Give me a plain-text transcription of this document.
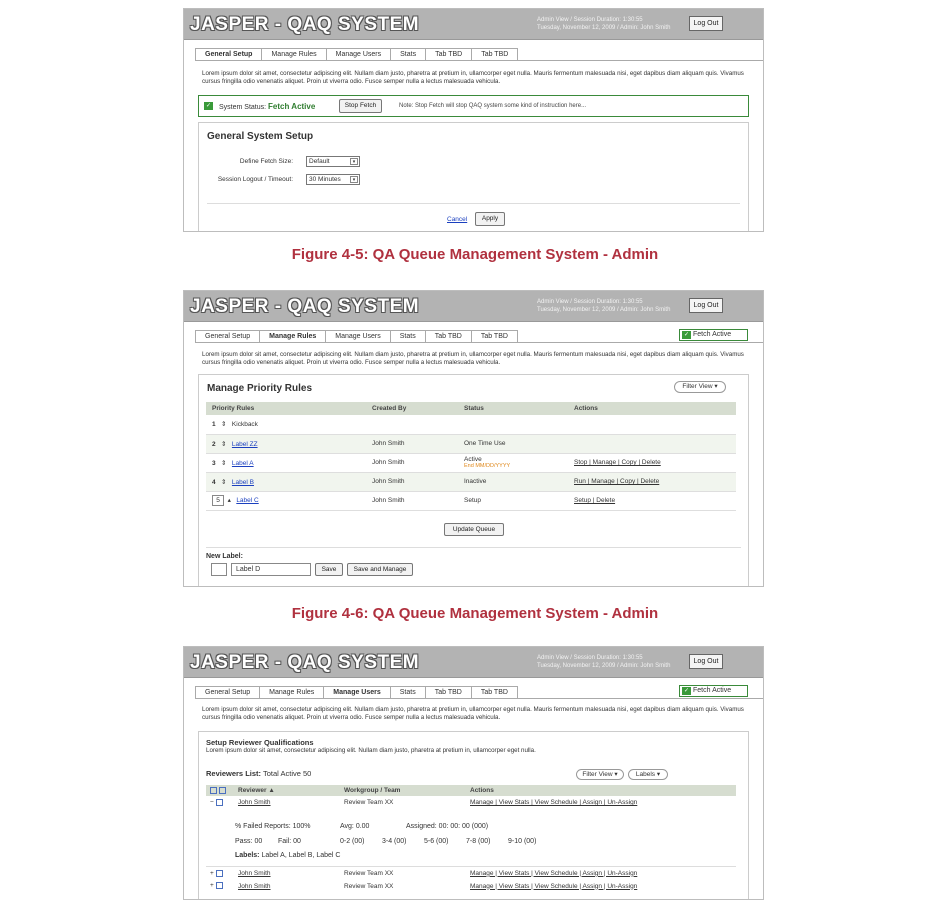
JASPER - QAQ SYSTEM	Admin View / Session Duration: 1:30:55
Tuesday, November 12, 2009 / Admin: John Smith
Log Out
General Setup	Manage Rules	Manage Users	Stats	Tab TBD	Tab TBD
Lorem ipsum dolor sit amet, consectetur adipiscing elit. Nullam diam justo, pharetra at pretium in, ullamcorper eget nulla. Mauris fermentum malesuada nisi, eget dapibus diam aliquam quis. Vivamus cursus fringilla odio venenatis aliquet. Proin ut viverra odio. Fusce semper nulla a lectus malesuada vehicula.
✓ System Status: Fetch Active	Stop Fetch	Note: Stop Fetch will stop QAQ system some kind of instruction here...
General System Setup
Define Fetch Size:	Default	▾
Session Logout / Timeout:	30 Minutes	▾
Cancel	Apply
Figure 4-5: QA Queue Management System - Admin
JASPER - QAQ SYSTEM	Admin View / Session Duration: 1:30:55
Tuesday, November 12, 2009 / Admin: John Smith
Log Out
General Setup	Manage Rules	Manage Users	Stats	Tab TBD	Tab TBD	✓ Fetch Active
Lorem ipsum dolor sit amet, consectetur adipiscing elit. Nullam diam justo, pharetra at pretium in, ullamcorper eget nulla. Mauris fermentum malesuada nisi, eget dapibus diam aliquam quis. Vivamus cursus fringilla odio venenatis aliquet. Proin ut viverra odio. Fusce semper nulla a lectus malesuada vehicula.
Manage Priority Rules	Filter View ▾
Priority Rules	Created By	Status	Actions
1 ⇕ Kickback			
2 ⇕ Label ZZ	John Smith	One Time Use	
3 ⇕ Label A	John Smith	Active
End MM/DD/YYYY	Stop | Manage | Copy | Delete
4 ⇕ Label B	John Smith	Inactive	Run | Manage | Copy | Delete
5 ▴ Label C	John Smith	Setup	Setup | Delete
Update Queue
New Label:
Label D	Save	Save and Manage
Figure 4-6: QA Queue Management System - Admin
JASPER - QAQ SYSTEM	Admin View / Session Duration: 1:30:55
Tuesday, November 12, 2009 / Admin: John Smith
Log Out
General Setup	Manage Rules	Manage Users	Stats	Tab TBD	Tab TBD	✓ Fetch Active
Lorem ipsum dolor sit amet, consectetur adipiscing elit. Nullam diam justo, pharetra at pretium in, ullamcorper eget nulla. Mauris fermentum malesuada nisi, eget dapibus diam aliquam quis. Vivamus cursus fringilla odio venenatis aliquet. Proin ut viverra odio. Fusce semper nulla a lectus malesuada vehicula.
Setup Reviewer Qualifications
Lorem ipsum dolor sit amet, consectetur adipiscing elit. Nullam diam justo, pharetra at pretium in, ullamcorper eget nulla.
Reviewers List: Total Active 50	Filter View ▾	Labels ▾
	Reviewer ▲	Workgroup / Team	Actions
−	John Smith	Review Team XX	Manage | View Stats | View Schedule | Assign | Un-Assign
% Failed Reports: 100%	Avg: 0.00	Assigned: 00: 00: 00 (000)
Pass: 00 Fail: 00	0-2 (00) 3-4 (00) 5-6 (00) 7-8 (00) 9-10 (00)
Labels: Label A, Label B, Label C
+	John Smith	Review Team XX	Manage | View Stats | View Schedule | Assign | Un-Assign
+	John Smith	Review Team XX	Manage | View Stats | View Schedule | Assign | Un-Assign
